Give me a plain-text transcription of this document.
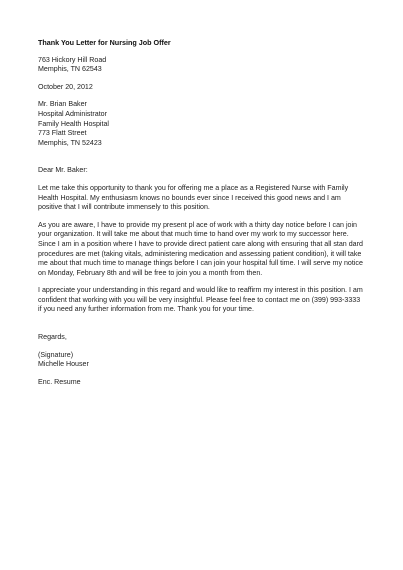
Thank You Letter for Nursing Job Offer
763 Hickory Hill Road
Memphis, TN 62543
October 20, 2012
Mr. Brian Baker
Hospital Administrator
Family Health Hospital
773 Flatt Street
Memphis, TN 52423
Dear Mr. Baker:

Let me take this opportunity to thank you for offering me a place as a Registered Nurse with Family Health Hospital. My enthusiasm knows no bounds ever since I received this good news and I am positive that I will contribute immensely to this position.

As you are aware, I have to provide my present pl ace of work with a thirty day notice before I can join your organization. It will take me about that much time to hand over my work to my successor here. Since I am in a position where I have to provide direct patient care along with ensuring that all stan dard procedures are met (taking vitals, administering medication and assessing patient condition), it will take me about that much time to manage things before I can join your hospital full time. I will serve my notice on Monday, February 8th and will be free to join you a month from then.

I appreciate your understanding in this regard and would like to reaffirm my interest in this position. I am confident that working with you will be very insightful. Please feel free to contact me on (399) 993-3333 if you need any further information from me. Thank you for your time.

Regards,
(Signature)
Michelle Houser
Enc. Resume
